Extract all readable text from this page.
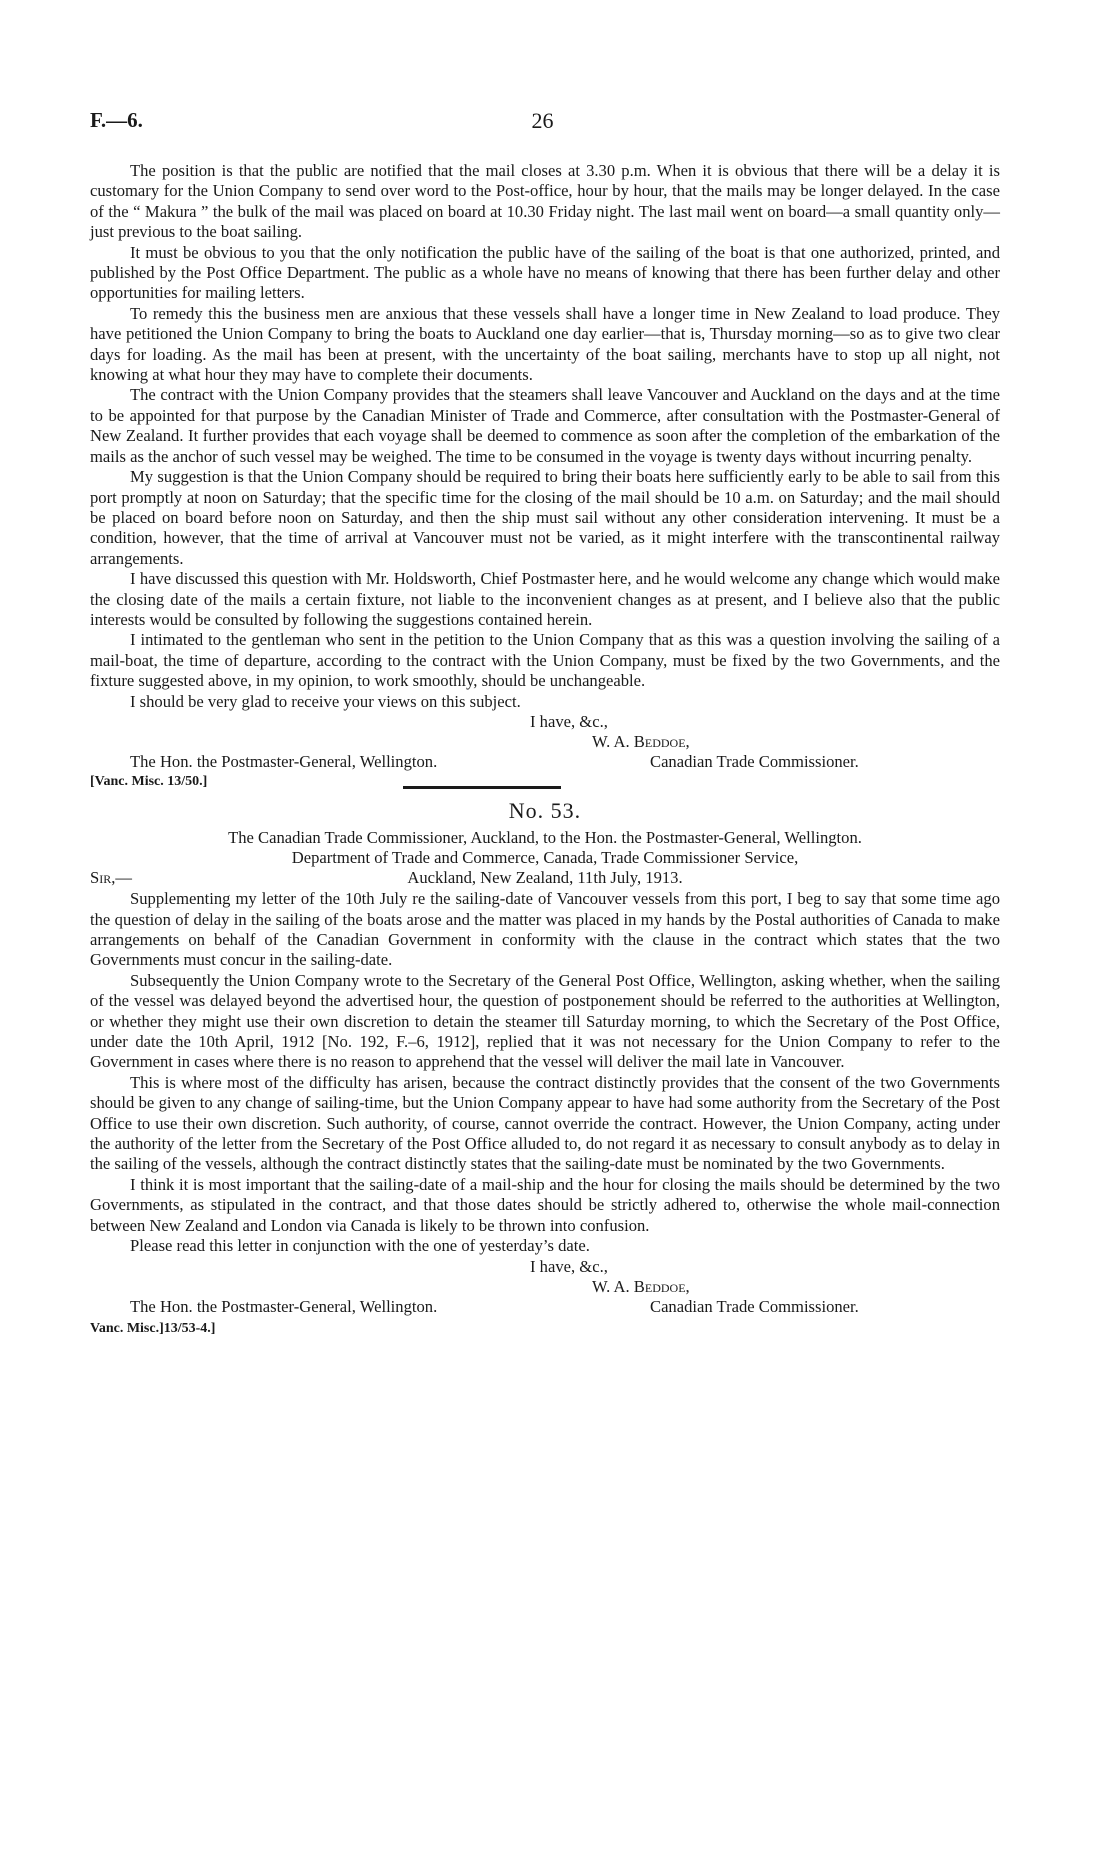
F.—6.	26

The position is that the public are notified that the mail closes at 3.30 p.m. When it is obvious that there will be a delay it is customary for the Union Company to send over word to the Post-office, hour by hour, that the mails may be longer delayed. In the case of the “ Makura ” the bulk of the mail was placed on board at 10.30 Friday night. The last mail went on board—a small quantity only—just previous to the boat sailing.

It must be obvious to you that the only notification the public have of the sailing of the boat is that one authorized, printed, and published by the Post Office Department. The public as a whole have no means of knowing that there has been further delay and other opportunities for mailing letters.

To remedy this the business men are anxious that these vessels shall have a longer time in New Zealand to load produce. They have petitioned the Union Company to bring the boats to Auckland one day earlier—that is, Thursday morning—so as to give two clear days for loading. As the mail has been at present, with the uncertainty of the boat sailing, merchants have to stop up all night, not knowing at what hour they may have to complete their documents.

The contract with the Union Company provides that the steamers shall leave Vancouver and Auckland on the days and at the time to be appointed for that purpose by the Canadian Minister of Trade and Commerce, after consultation with the Postmaster-General of New Zealand. It further provides that each voyage shall be deemed to commence as soon after the completion of the embarkation of the mails as the anchor of such vessel may be weighed. The time to be consumed in the voyage is twenty days without incurring penalty.

My suggestion is that the Union Company should be required to bring their boats here sufficiently early to be able to sail from this port promptly at noon on Saturday; that the specific time for the closing of the mail should be 10 a.m. on Saturday; and the mail should be placed on board before noon on Saturday, and then the ship must sail without any other consideration intervening. It must be a condition, however, that the time of arrival at Vancouver must not be varied, as it might interfere with the transcontinental railway arrangements.

I have discussed this question with Mr. Holdsworth, Chief Postmaster here, and he would welcome any change which would make the closing date of the mails a certain fixture, not liable to the inconvenient changes as at present, and I believe also that the public interests would be consulted by following the suggestions contained herein.

I intimated to the gentleman who sent in the petition to the Union Company that as this was a question involving the sailing of a mail-boat, the time of departure, according to the contract with the Union Company, must be fixed by the two Governments, and the fixture suggested above, in my opinion, to work smoothly, should be unchangeable.

I should be very glad to receive your views on this subject.

I have, &c.,
W. A. Beddoe,
The Hon. the Postmaster-General, Wellington.	Canadian Trade Commissioner.
[Vanc. Misc. 13/50.]
No. 53.
The Canadian Trade Commissioner, Auckland, to the Hon. the Postmaster-General, Wellington.
Department of Trade and Commerce, Canada, Trade Commissioner Service,
Auckland, New Zealand, 11th July, 1913.
Sir,—

Supplementing my letter of the 10th July re the sailing-date of Vancouver vessels from this port, I beg to say that some time ago the question of delay in the sailing of the boats arose and the matter was placed in my hands by the Postal authorities of Canada to make arrangements on behalf of the Canadian Government in conformity with the clause in the contract which states that the two Governments must concur in the sailing-date.

Subsequently the Union Company wrote to the Secretary of the General Post Office, Wellington, asking whether, when the sailing of the vessel was delayed beyond the advertised hour, the question of postponement should be referred to the authorities at Wellington, or whether they might use their own discretion to detain the steamer till Saturday morning, to which the Secretary of the Post Office, under date the 10th April, 1912 [No. 192, F.–6, 1912], replied that it was not necessary for the Union Company to refer to the Government in cases where there is no reason to apprehend that the vessel will deliver the mail late in Vancouver.

This is where most of the difficulty has arisen, because the contract distinctly provides that the consent of the two Governments should be given to any change of sailing-time, but the Union Company appear to have had some authority from the Secretary of the Post Office to use their own discretion. Such authority, of course, cannot override the contract. However, the Union Company, acting under the authority of the letter from the Secretary of the Post Office alluded to, do not regard it as necessary to consult anybody as to delay in the sailing of the vessels, although the contract distinctly states that the sailing-date must be nominated by the two Governments.

I think it is most important that the sailing-date of a mail-ship and the hour for closing the mails should be determined by the two Governments, as stipulated in the contract, and that those dates should be strictly adhered to, otherwise the whole mail-connection between New Zealand and London via Canada is likely to be thrown into confusion.

Please read this letter in conjunction with the one of yesterday’s date.

I have, &c.,
W. A. Beddoe,
The Hon. the Postmaster-General, Wellington.	Canadian Trade Commissioner.
Vanc. Misc.]13/53-4.]
